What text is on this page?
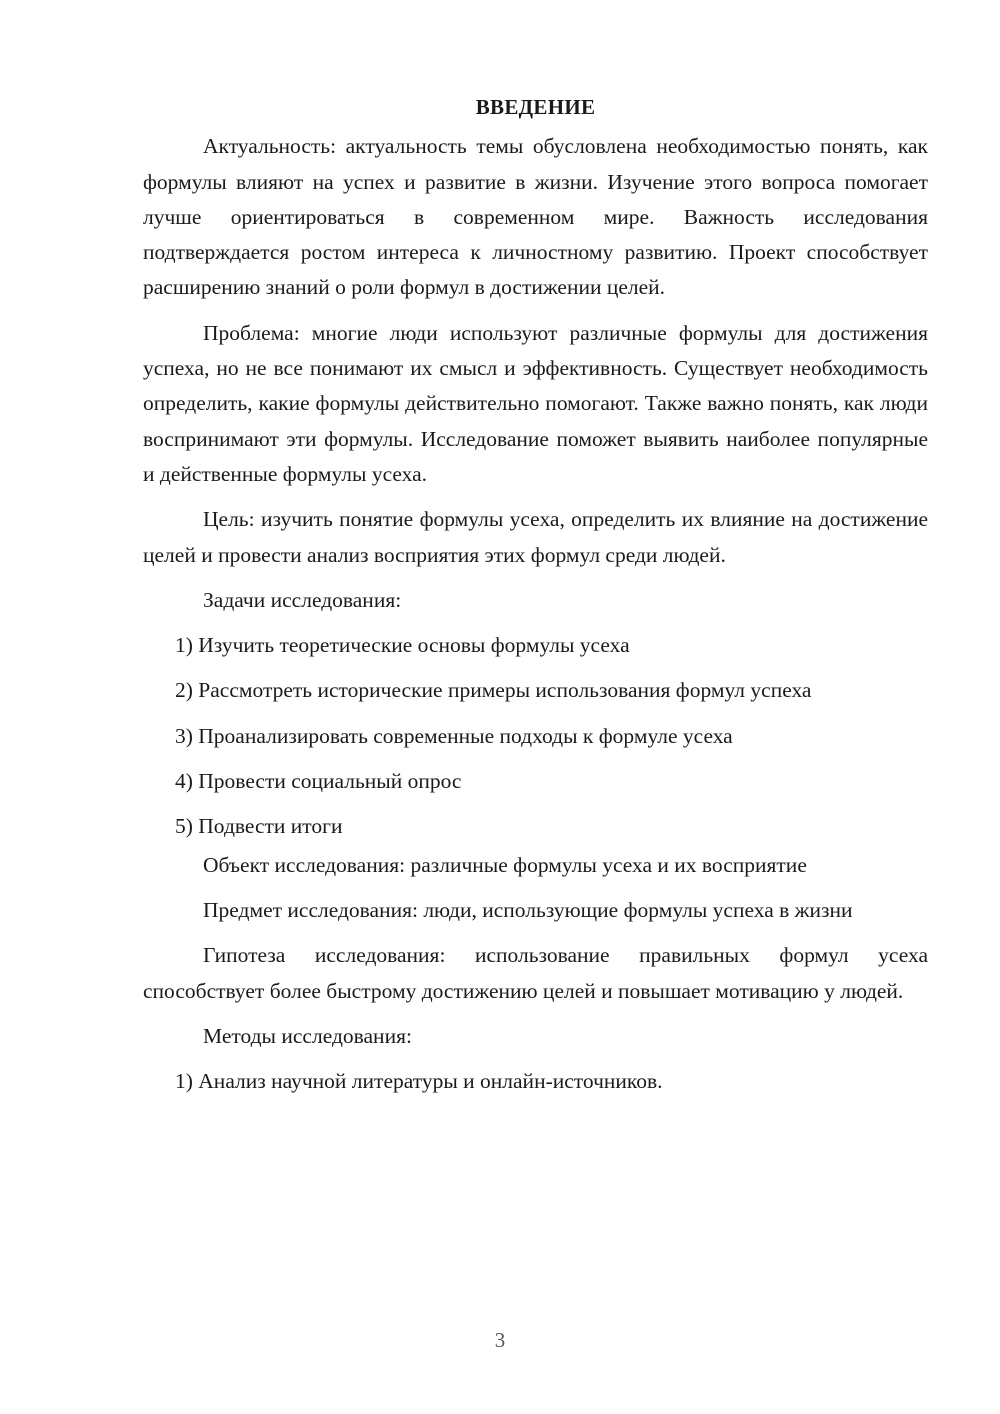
ВВЕДЕНИЕ

Актуальность: актуальность темы обусловлена необходимостью понять, как формулы влияют на успех и развитие в жизни. Изучение этого вопроса помогает лучше ориентироваться в современном мире. Важность исследования подтверждается ростом интереса к личностному развитию. Проект способствует расширению знаний о роли формул в достижении целей.

Проблема: многие люди используют различные формулы для достижения успеха, но не все понимают их смысл и эффективность. Существует необходимость определить, какие формулы действительно помогают. Также важно понять, как люди воспринимают эти формулы. Исследование поможет выявить наиболее популярные и действенные формулы усеха.

Цель: изучить понятие формулы усеха, определить их влияние на достижение целей и провести анализ восприятия этих формул среди людей.

Задачи исследования:
1) Изучить теоретические основы формулы усеха
2) Рассмотреть исторические примеры использования формул успеха
3) Проанализировать современные подходы к формуле усеха
4) Провести социальный опрос
5) Подвести итоги
Объект исследования: различные формулы усеха и их восприятие

Предмет исследования: люди, использующие формулы успеха в жизни

Гипотеза исследования: использование правильных формул усеха способствует более быстрому достижению целей и повышает мотивацию у людей.

Методы исследования:
1) Анализ научной литературы и онлайн-источников.
3
